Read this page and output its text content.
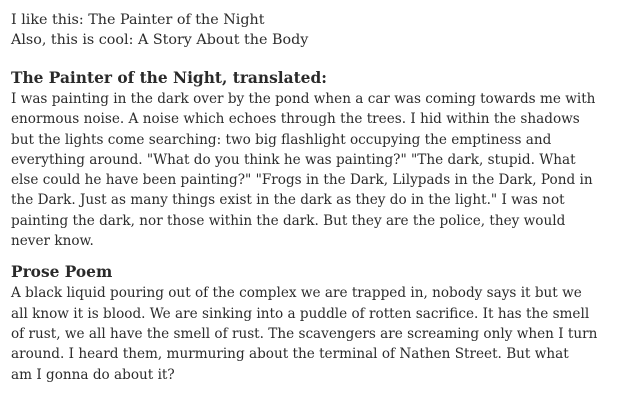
I like this: The Painter of the Night

Also, this is cool: A Story About the Body

The Painter of the Night, translated:

I was painting in the dark over by the pond when a car was coming towards me with
enormous noise. A noise which echoes through the trees. I hid within the shadows
but the lights come searching: two big flashlight occupying the emptiness and
everything around. "What do you think he was painting?" "The dark, stupid. What
else could he have been painting?" "Frogs in the Dark, Lilypads in the Dark, Pond in
the Dark. Just as many things exist in the dark as they do in the light." I was not
painting the dark, nor those within the dark. But they are the police, they would
never know.

Prose Poem

A black liquid pouring out of the complex we are trapped in, nobody says it but we
all know it is blood. We are sinking into a puddle of rotten sacrifice. It has the smell
of rust, we all have the smell of rust. The scavengers are screaming only when I turn
around. I heard them, murmuring about the terminal of Nathen Street. But what
am I gonna do about it?
